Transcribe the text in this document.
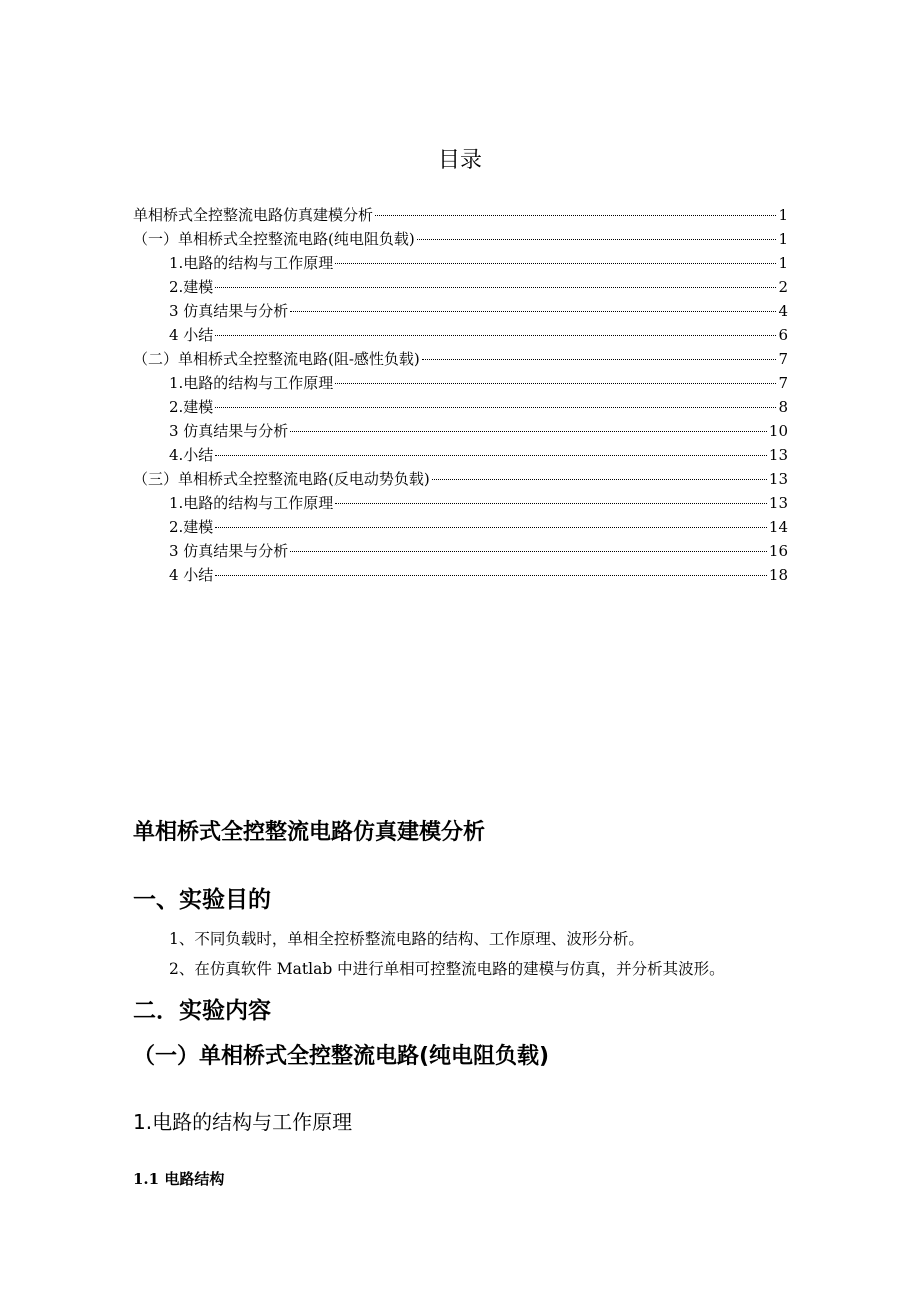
目录
单相桥式全控整流电路仿真建模分析	1
（一）单相桥式全控整流电路(纯电阻负载)	1
1.电路的结构与工作原理	1
2.建模	2
3 仿真结果与分析	4
4 小结	6
（二）单相桥式全控整流电路(阻-感性负载)	7
1.电路的结构与工作原理	7
2.建模	8
3 仿真结果与分析	10
4.小结	13
（三）单相桥式全控整流电路(反电动势负载)	13
1.电路的结构与工作原理	13
2.建模	14
3 仿真结果与分析	16
4 小结	18
单相桥式全控整流电路仿真建模分析
一、实验目的
1、不同负载时，单相全控桥整流电路的结构、工作原理、波形分析。
2、在仿真软件 Matlab 中进行单相可控整流电路的建模与仿真，并分析其波形。
二．实验内容
（一）单相桥式全控整流电路(纯电阻负载)
1.电路的结构与工作原理
1.1 电路结构
